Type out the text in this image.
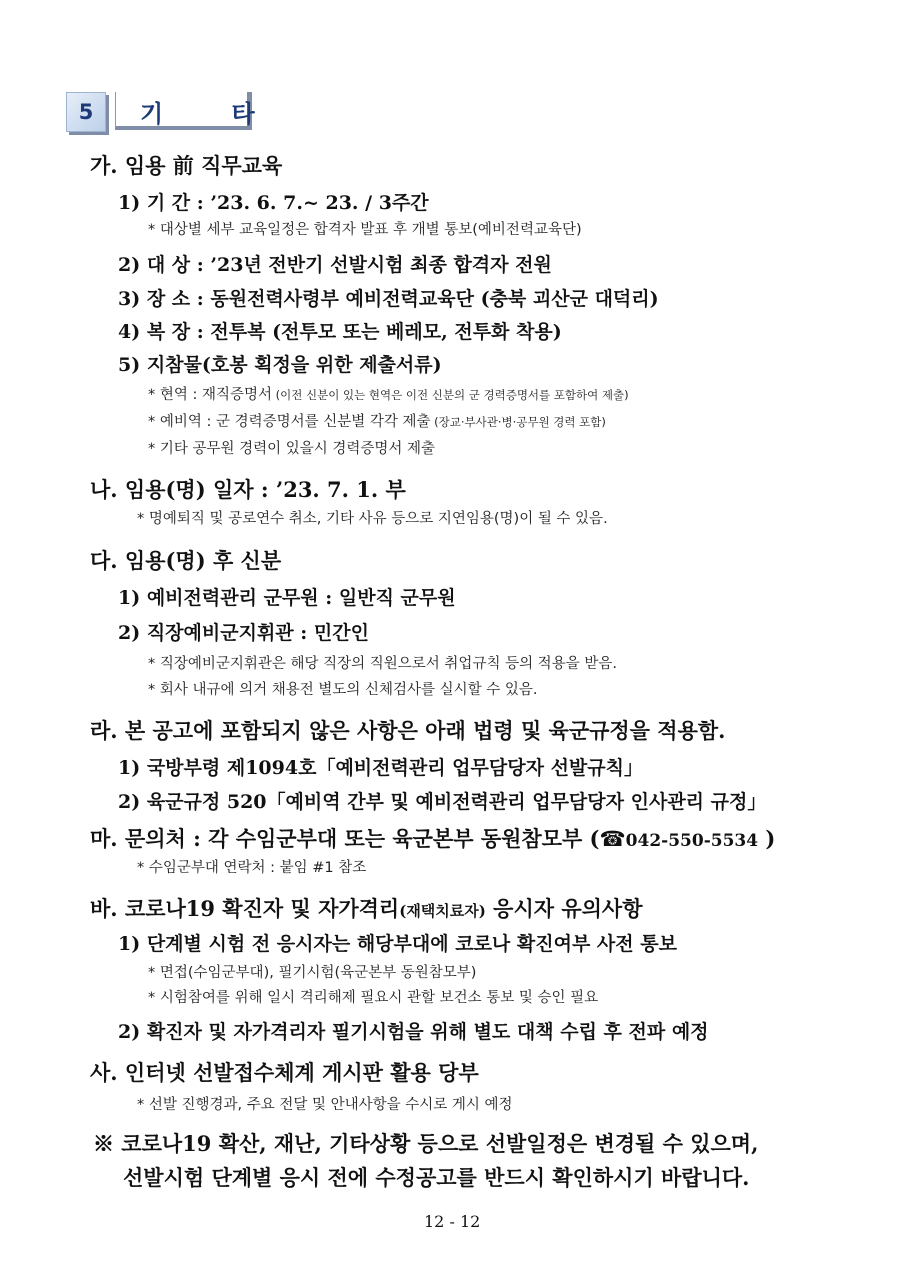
5 기 타
가. 임용 前 직무교육
1) 기 간 : ’23. 6. 7.~ 23. / 3주간
* 대상별 세부 교육일정은 합격자 발표 후 개별 통보(예비전력교육단)
2) 대 상 : ’23년 전반기 선발시험 최종 합격자 전원
3) 장 소 : 동원전력사령부 예비전력교육단 (충북 괴산군 대덕리)
4) 복 장 : 전투복 (전투모 또는 베레모, 전투화 착용)
5) 지참물(호봉 획정을 위한 제출서류)
* 현역 : 재직증명서 (이전 신분이 있는 현역은 이전 신분의 군 경력증명서를 포함하여 제출)
* 예비역 : 군 경력증명서를 신분별 각각 제출 (장교·부사관·병·공무원 경력 포함)
* 기타 공무원 경력이 있을시 경력증명서 제출
나. 임용(명) 일자 : ’23. 7. 1. 부
* 명예퇴직 및 공로연수 취소, 기타 사유 등으로 지연임용(명)이 될 수 있음.
다. 임용(명) 후 신분
1) 예비전력관리 군무원 : 일반직 군무원
2) 직장예비군지휘관 : 민간인
* 직장예비군지휘관은 해당 직장의 직원으로서 취업규칙 등의 적용을 받음.
* 회사 내규에 의거 채용전 별도의 신체검사를 실시할 수 있음.
라. 본 공고에 포함되지 않은 사항은 아래 법령 및 육군규정을 적용함.
1) 국방부령 제1094호「예비전력관리 업무담당자 선발규칙」
2) 육군규정 520「예비역 간부 및 예비전력관리 업무담당자 인사관리 규정」
마. 문의처 : 각 수임군부대 또는 육군본부 동원참모부 (☎042-550-5534 )
* 수임군부대 연락처 : 붙임 #1 참조
바. 코로나19 확진자 및 자가격리(재택치료자) 응시자 유의사항
1) 단계별 시험 전 응시자는 해당부대에 코로나 확진여부 사전 통보
* 면접(수임군부대), 필기시험(육군본부 동원참모부)
* 시험참여를 위해 일시 격리해제 필요시 관할 보건소 통보 및 승인 필요
2) 확진자 및 자가격리자 필기시험을 위해 별도 대책 수립 후 전파 예정
사. 인터넷 선발접수체계 게시판 활용 당부
* 선발 진행경과, 주요 전달 및 안내사항을 수시로 게시 예정
※ 코로나19 확산, 재난, 기타상황 등으로 선발일정은 변경될 수 있으며,
선발시험 단계별 응시 전에 수정공고를 반드시 확인하시기 바랍니다.
12 - 12
